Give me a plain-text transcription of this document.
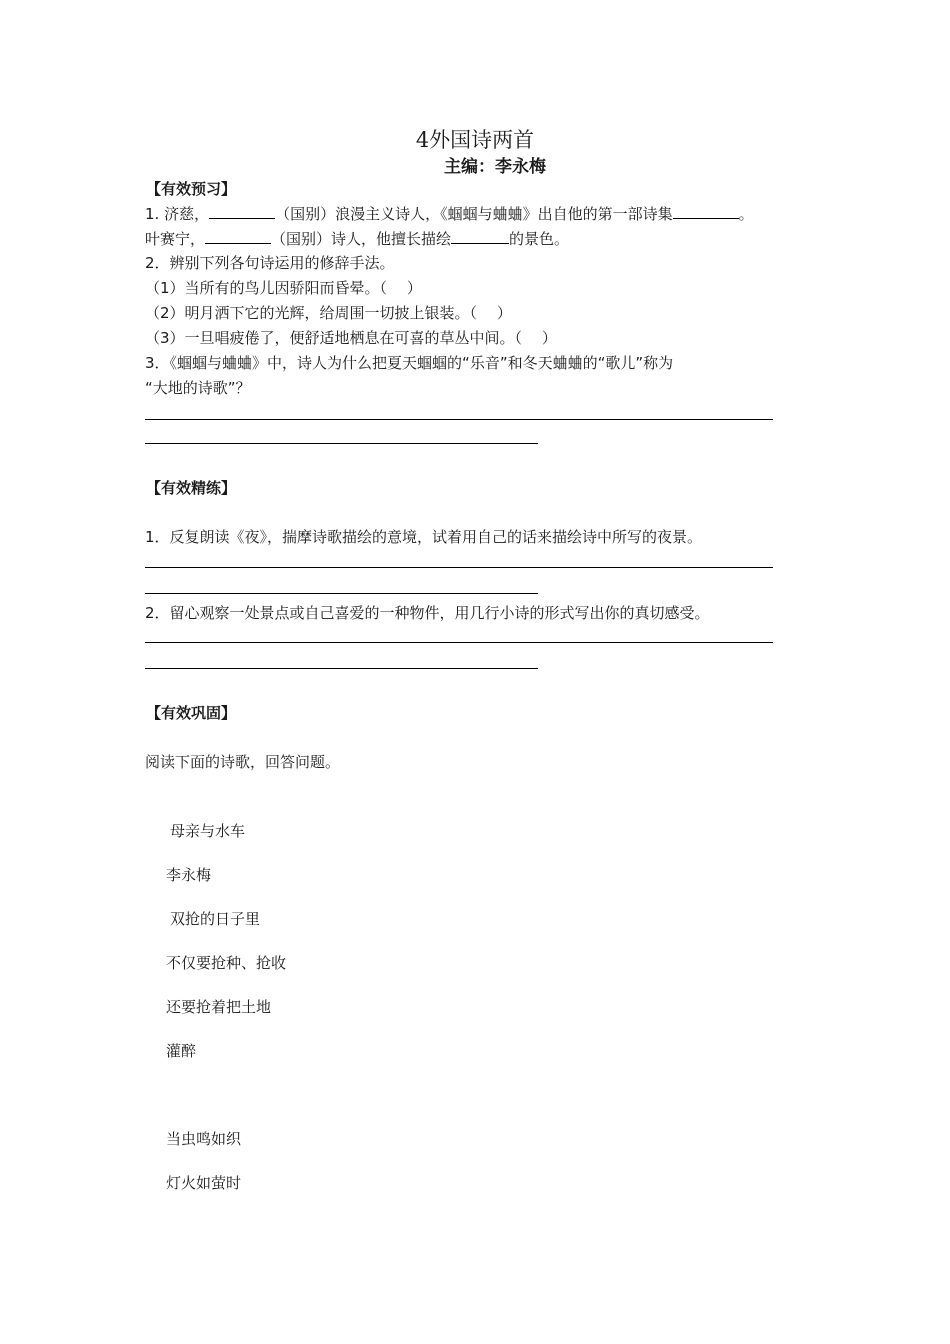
4外国诗两首
主编：李永梅
【有效预习】
1. 济慈，	（国别）浪漫主义诗人，《蝈蝈与蛐蛐》出自他的第一部诗集	。
叶赛宁，	（国别）诗人，他擅长描绘	的景色。
2．辨别下列各句诗运用的修辞手法。
（1）当所有的鸟儿因骄阳而昏晕。（　 ）
（2）明月洒下它的光辉，给周围一切披上银装。（　 ）
（3）一旦唱疲倦了，便舒适地栖息在可喜的草丛中间。（　 ）
3．《蝈蝈与蛐蛐》中，诗人为什么把夏天蝈蝈的“乐音”和冬天蛐蛐的“歌儿”称为
“大地的诗歌”？
【有效精练】
1．反复朗读《夜》，揣摩诗歌描绘的意境，试着用自己的话来描绘诗中所写的夜景。
2．留心观察一处景点或自己喜爱的一种物件，用几行小诗的形式写出你的真切感受。
【有效巩固】
阅读下面的诗歌，回答问题。
母亲与水车
李永梅
双抢的日子里
不仅要抢种、抢收
还要抢着把土地
灌醉
当虫鸣如织
灯火如萤时
